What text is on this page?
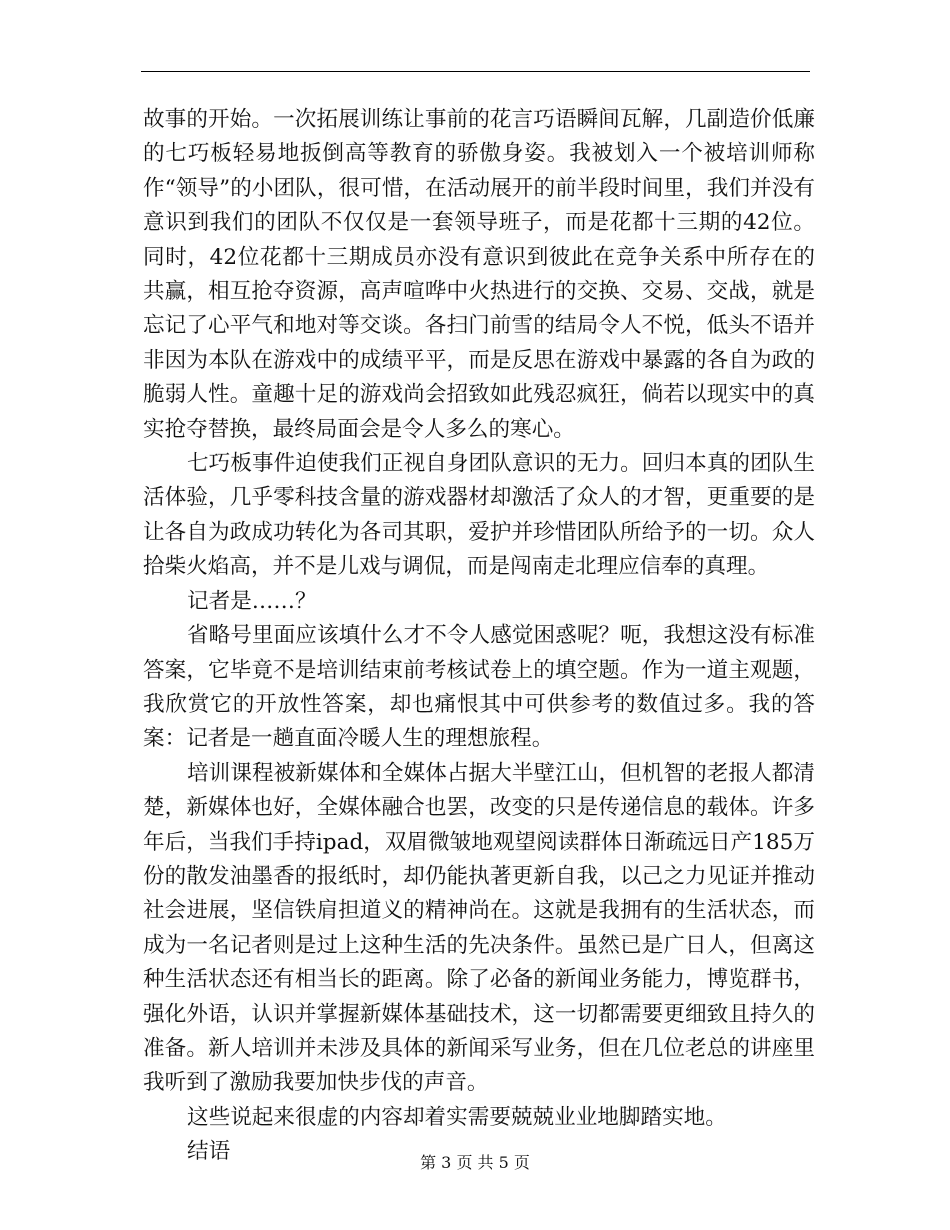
故事的开始。一次拓展训练让事前的花言巧语瞬间瓦解，几副造价低廉的七巧板轻易地扳倒高等教育的骄傲身姿。我被划入一个被培训师称作“领导”的小团队，很可惜，在活动展开的前半段时间里，我们并没有意识到我们的团队不仅仅是一套领导班子，而是花都十三期的42位。同时，42位花都十三期成员亦没有意识到彼此在竞争关系中所存在的共赢，相互抢夺资源，高声喧哗中火热进行的交换、交易、交战，就是忘记了心平气和地对等交谈。各扫门前雪的结局令人不悦，低头不语并非因为本队在游戏中的成绩平平，而是反思在游戏中暴露的各自为政的脆弱人性。童趣十足的游戏尚会招致如此残忍疯狂，倘若以现实中的真实抢夺替换，最终局面会是令人多么的寒心。

七巧板事件迫使我们正视自身团队意识的无力。回归本真的团队生活体验，几乎零科技含量的游戏器材却激活了众人的才智，更重要的是让各自为政成功转化为各司其职，爱护并珍惜团队所给予的一切。众人拾柴火焰高，并不是儿戏与调侃，而是闯南走北理应信奉的真理。

记者是……？

省略号里面应该填什么才不令人感觉困惑呢？呃，我想这没有标准答案，它毕竟不是培训结束前考核试卷上的填空题。作为一道主观题，我欣赏它的开放性答案，却也痛恨其中可供参考的数值过多。我的答案：记者是一趟直面冷暖人生的理想旅程。

培训课程被新媒体和全媒体占据大半壁江山，但机智的老报人都清楚，新媒体也好，全媒体融合也罢，改变的只是传递信息的载体。许多年后，当我们手持ipad，双眉微皱地观望阅读群体日渐疏远日产185万份的散发油墨香的报纸时，却仍能执著更新自我，以己之力见证并推动社会进展，坚信铁肩担道义的精神尚在。这就是我拥有的生活状态，而成为一名记者则是过上这种生活的先决条件。虽然已是广日人，但离这种生活状态还有相当长的距离。除了必备的新闻业务能力，博览群书，强化外语，认识并掌握新媒体基础技术，这一切都需要更细致且持久的准备。新人培训并未涉及具体的新闻采写业务，但在几位老总的讲座里我听到了激励我要加快步伐的声音。

这些说起来很虚的内容却着实需要兢兢业业地脚踏实地。

结语	第 3 页 共 5 页
